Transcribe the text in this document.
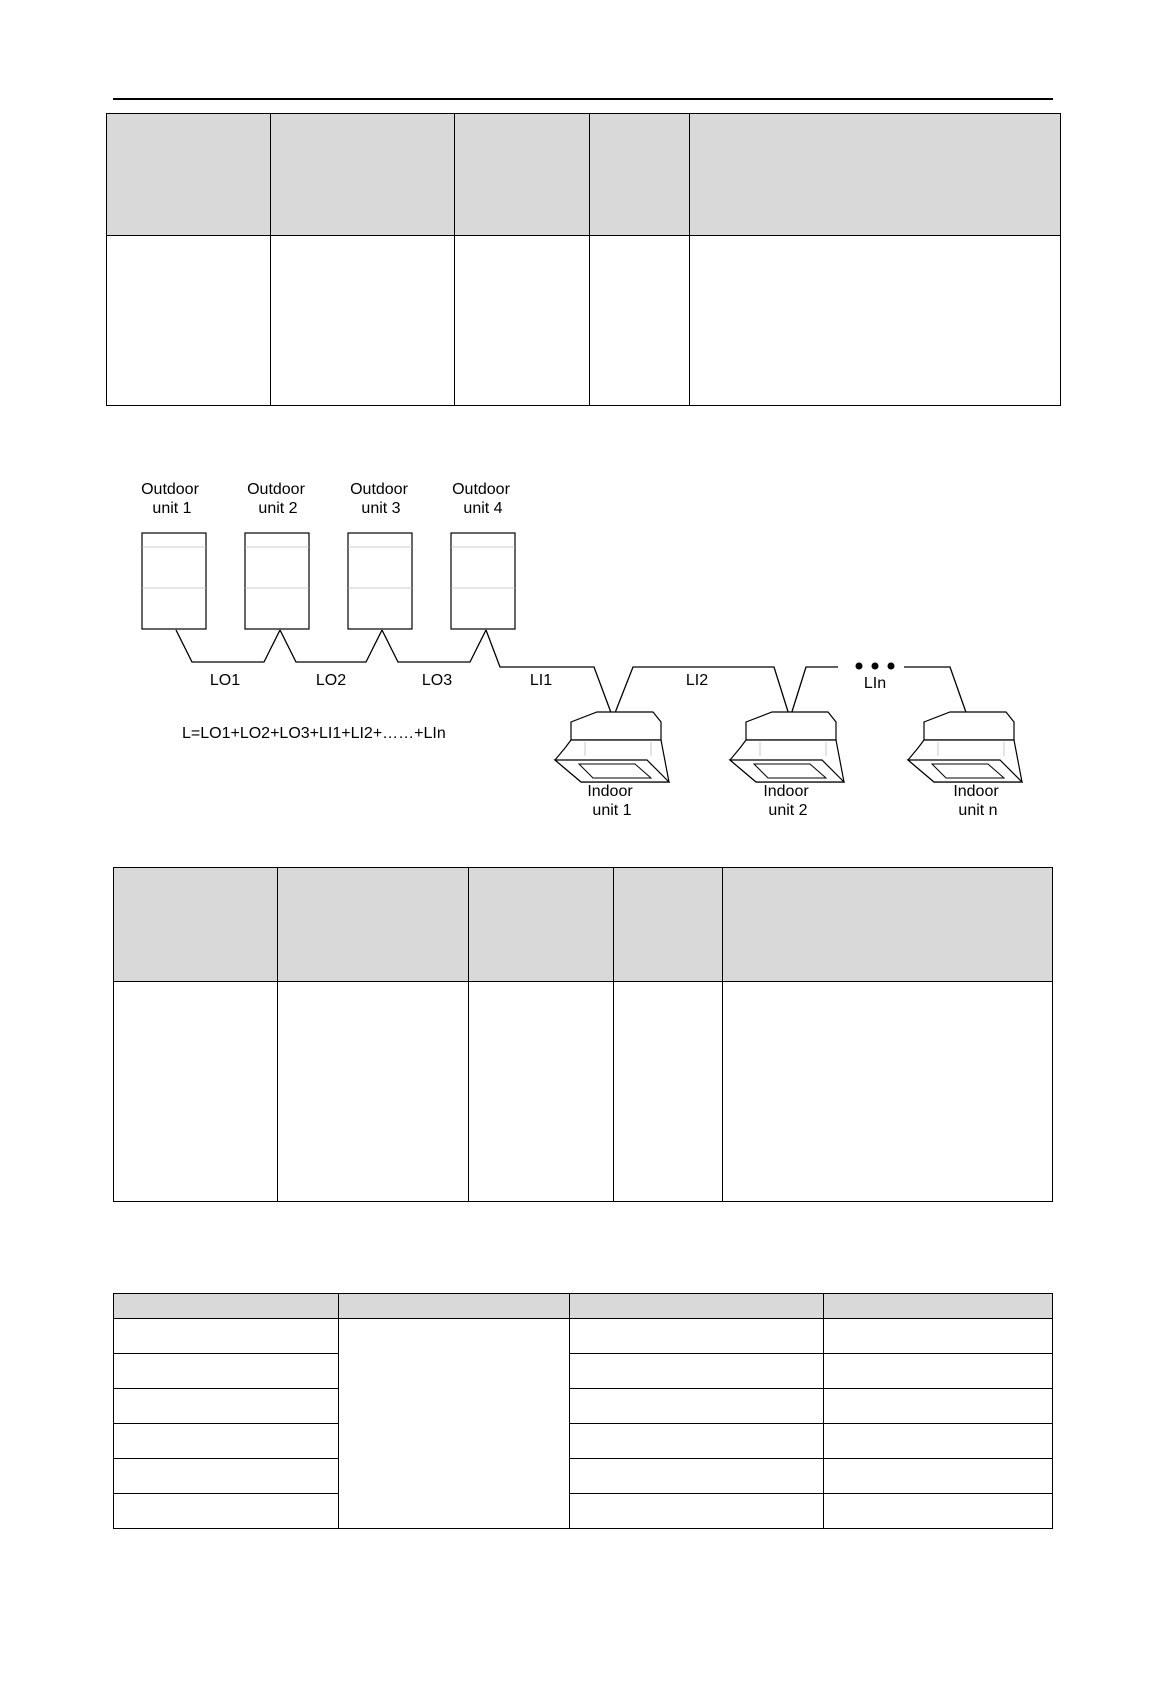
Outdoor
unit 1
Outdoor
unit 2
Outdoor
unit 3
Outdoor
unit 4
LO1	LO2	LO3	LI1	LI2	LIn
L=LO1+LO2+LO3+LI1+LI2+……+LIn
Indoor
unit 1
Indoor
unit 2
Indoor
unit n
